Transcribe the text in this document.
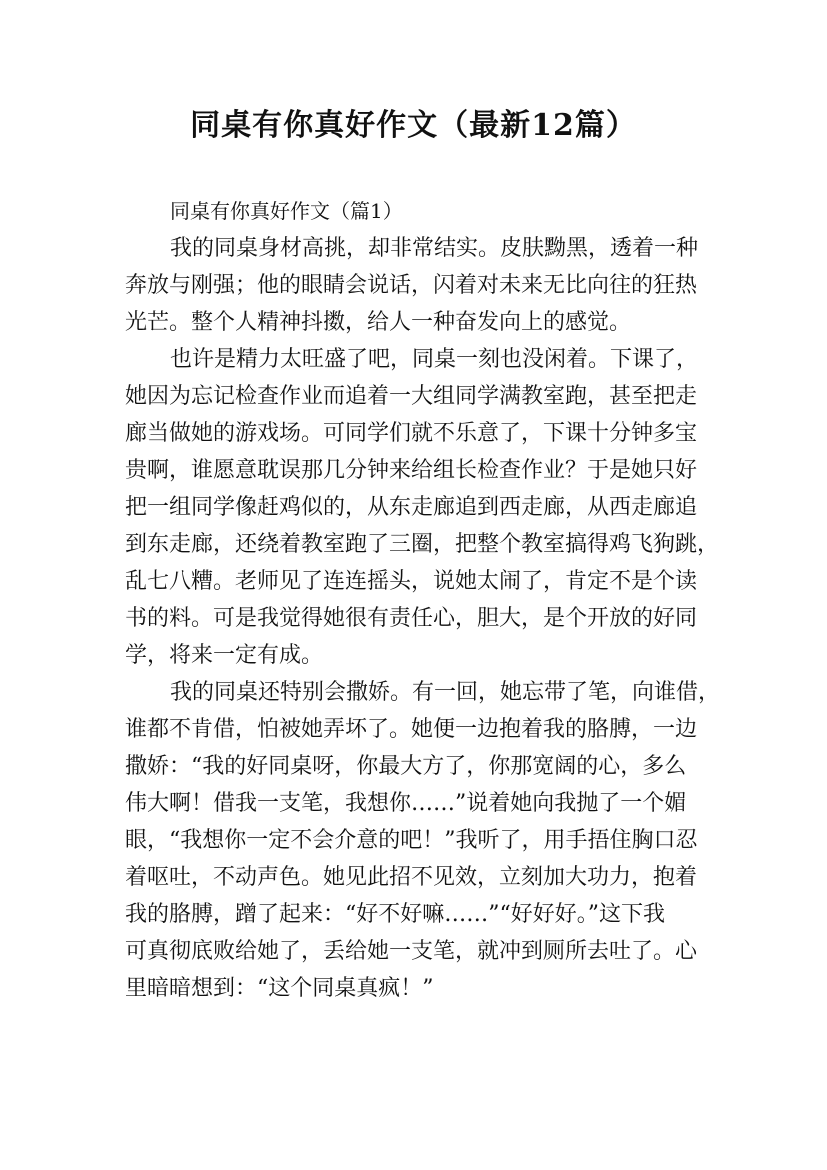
同桌有你真好作文（最新12篇）
同桌有你真好作文（篇1）
我的同桌身材高挑，却非常结实。皮肤黝黑，透着一种
奔放与刚强；他的眼睛会说话，闪着对未来无比向往的狂热
光芒。整个人精神抖擞，给人一种奋发向上的感觉。
也许是精力太旺盛了吧，同桌一刻也没闲着。下课了，
她因为忘记检查作业而追着一大组同学满教室跑，甚至把走
廊当做她的游戏场。可同学们就不乐意了，下课十分钟多宝
贵啊，谁愿意耽误那几分钟来给组长检查作业？于是她只好
把一组同学像赶鸡似的，从东走廊追到西走廊，从西走廊追
到东走廊，还绕着教室跑了三圈，把整个教室搞得鸡飞狗跳，
乱七八糟。老师见了连连摇头，说她太闹了，肯定不是个读
书的料。可是我觉得她很有责任心，胆大，是个开放的好同
学，将来一定有成。
我的同桌还特别会撒娇。有一回，她忘带了笔，向谁借，
谁都不肯借，怕被她弄坏了。她便一边抱着我的胳膊，一边
撒娇：“我的好同桌呀，你最大方了，你那宽阔的心，多么
伟大啊！借我一支笔，我想你……”说着她向我抛了一个媚
眼，“我想你一定不会介意的吧！”我听了，用手捂住胸口忍
着呕吐，不动声色。她见此招不见效，立刻加大功力，抱着
我的胳膊，蹭了起来：“好不好嘛……”“好好好。”这下我
可真彻底败给她了，丢给她一支笔，就冲到厕所去吐了。心
里暗暗想到：“这个同桌真疯！”
